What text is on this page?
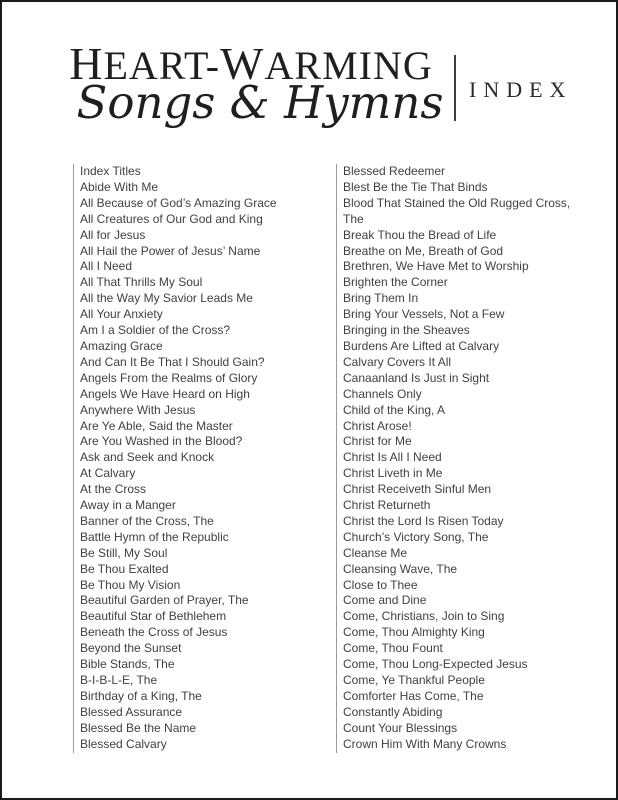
HEART-WARMING
Songs & Hymns	INDEX
Index Titles
Abide With Me
All Because of God’s Amazing Grace
All Creatures of Our God and King
All for Jesus
All Hail the Power of Jesus’ Name
All I Need
All That Thrills My Soul
All the Way My Savior Leads Me
All Your Anxiety
Am I a Soldier of the Cross?
Amazing Grace
And Can It Be That I Should Gain?
Angels From the Realms of Glory
Angels We Have Heard on High
Anywhere With Jesus
Are Ye Able, Said the Master
Are You Washed in the Blood?
Ask and Seek and Knock
At Calvary
At the Cross
Away in a Manger
Banner of the Cross, The
Battle Hymn of the Republic
Be Still, My Soul
Be Thou Exalted
Be Thou My Vision
Beautiful Garden of Prayer, The
Beautiful Star of Bethlehem
Beneath the Cross of Jesus
Beyond the Sunset
Bible Stands, The
B-I-B-L-E, The
Birthday of a King, The
Blessed Assurance
Blessed Be the Name
Blessed Calvary
Blessed Redeemer
Blest Be the Tie That Binds
Blood That Stained the Old Rugged Cross, The
Break Thou the Bread of Life
Breathe on Me, Breath of God
Brethren, We Have Met to Worship
Brighten the Corner
Bring Them In
Bring Your Vessels, Not a Few
Bringing in the Sheaves
Burdens Are Lifted at Calvary
Calvary Covers It All
Canaanland Is Just in Sight
Channels Only
Child of the King, A
Christ Arose!
Christ for Me
Christ Is All I Need
Christ Liveth in Me
Christ Receiveth Sinful Men
Christ Returneth
Christ the Lord Is Risen Today
Church’s Victory Song, The
Cleanse Me
Cleansing Wave, The
Close to Thee
Come and Dine
Come, Christians, Join to Sing
Come, Thou Almighty King
Come, Thou Fount
Come, Thou Long-Expected Jesus
Come, Ye Thankful People
Comforter Has Come, The
Constantly Abiding
Count Your Blessings
Crown Him With Many Crowns
